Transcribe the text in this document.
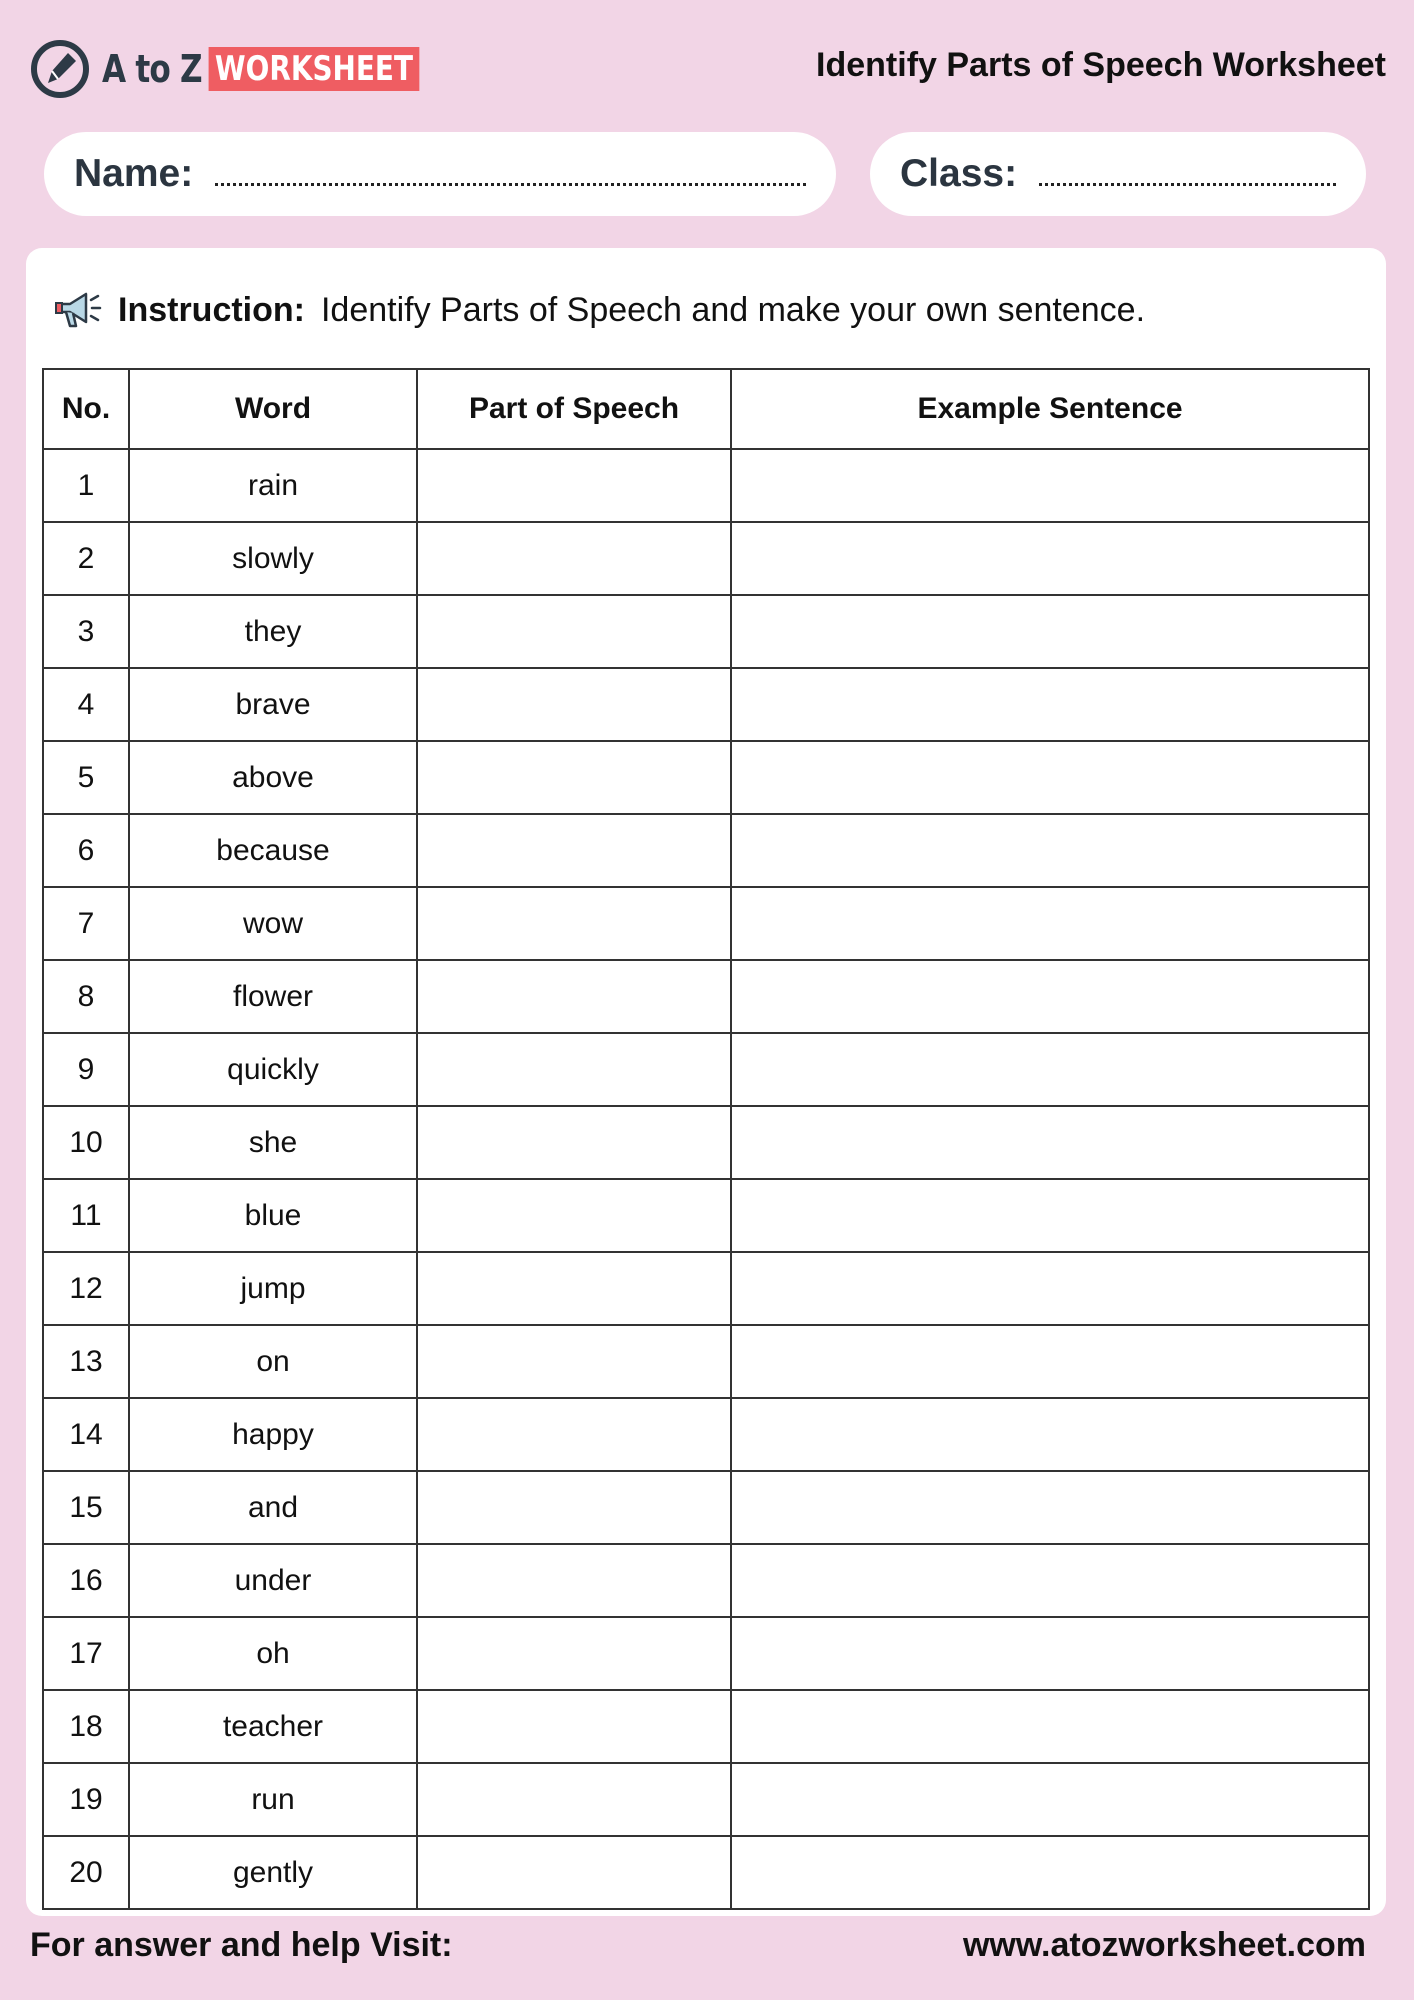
A to Z WORKSHEET	Identify Parts of Speech Worksheet
Name:	Class:
Instruction: Identify Parts of Speech and make your own sentence.
No.	Word	Part of Speech	Example Sentence
1	rain		
2	slowly		
3	they		
4	brave		
5	above		
6	because		
7	wow		
8	flower		
9	quickly		
10	she		
11	blue		
12	jump		
13	on		
14	happy		
15	and		
16	under		
17	oh		
18	teacher		
19	run		
20	gently		
For answer and help Visit:	www.atozworksheet.com
